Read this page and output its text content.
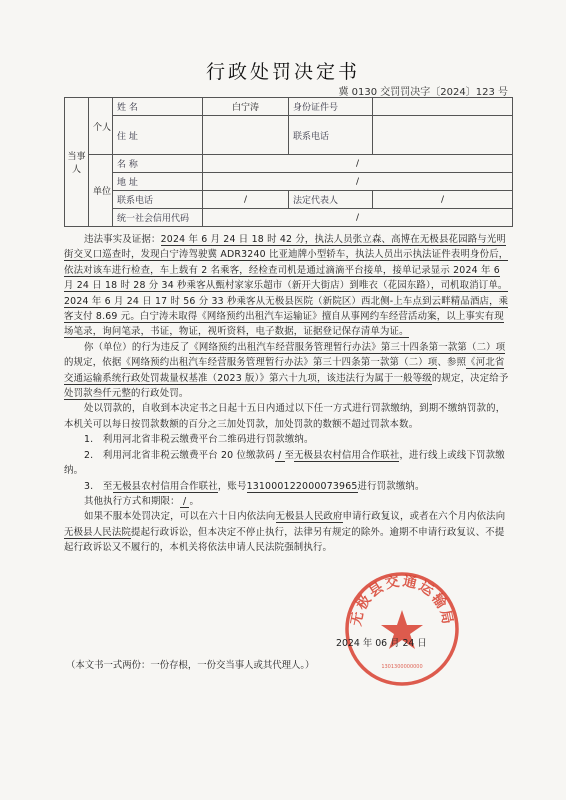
行政处罚决定书
冀 0130 交罚罚决字〔2024〕123 号
当事人	个人	姓 名	白宁涛	身份证件号	
		住 址		联系电话	
	单位	名 称	/		
		地 址	/		
		联系电话	/	法定代表人	/
		统一社会信用代码	/		

违法事实及证据：2024 年 6 月 24 日 18 时 42 分，执法人员张立森、高博在无极县花园路与光明街交叉口巡查时，发现白宁涛驾驶冀 ADR3240 比亚迪牌小型轿车，执法人员出示执法证件表明身份后，依法对该车进行检查，车上载有 2 名乘客，经检查司机是通过滴滴平台接单，接单记录显示 2024 年 6 月 24 日 18 时 28 分 34 秒乘客从甄村家家乐超市（新开大街店）到唯衣（花园东路），司机取消订单。2024 年 6 月 24 日 17 时 56 分 33 秒乘客从无极县医院（新院区）西北侧-上车点到云畔精品酒店，乘客支付 8.69 元。白宁涛未取得《网络预约出租汽车运输证》擅自从事网约车经营活动案，以上事实有现场笔录，询问笔录，书证，物证，视听资料，电子数据，证据登记保存清单为证。

你（单位）的行为违反了《网络预约出租汽车经营服务管理暂行办法》第三十四条第一款第（二）项的规定，依据《网络预约出租汽车经营服务管理暂行办法》第三十四条第一款第（二）项、参照《河北省交通运输系统行政处罚裁量权基准（2023 版）》第六十九项，该违法行为属于一般等级的规定，决定给予处罚款叁仟元整的行政处罚。

处以罚款的，自收到本决定书之日起十五日内通过以下任一方式进行罚款缴纳，到期不缴纳罚款的，本机关可以每日按罚款数额的百分之三加处罚款，加处罚款的数额不超过罚款本数。

1.　利用河北省非税云缴费平台二维码进行罚款缴纳。

2.　利用河北省非税云缴费平台 20 位缴款码 / 至无极县农村信用合作联社，进行线上或线下罚款缴纳。

3.　至无极县农村信用合作联社，账号13100012200007396​5进行罚款缴纳。

其他执行方式和期限： / 。

如果不服本处罚决定，可以在六十日内依法向无极县人民政府申请行政复议，或者在六个月内依法向无极县人民法院提起行政诉讼，但本决定不停止执行，法律另有规定的除外。逾期不申请行政复议、不提起行政诉讼又不履行的，本机关将依法申请人民法院强制执行。

无极县交通运输局
1301300000000
2024 年 06 月 24 日
（本文书一式两份：一份存根，一份交当事人或其代理人。）
